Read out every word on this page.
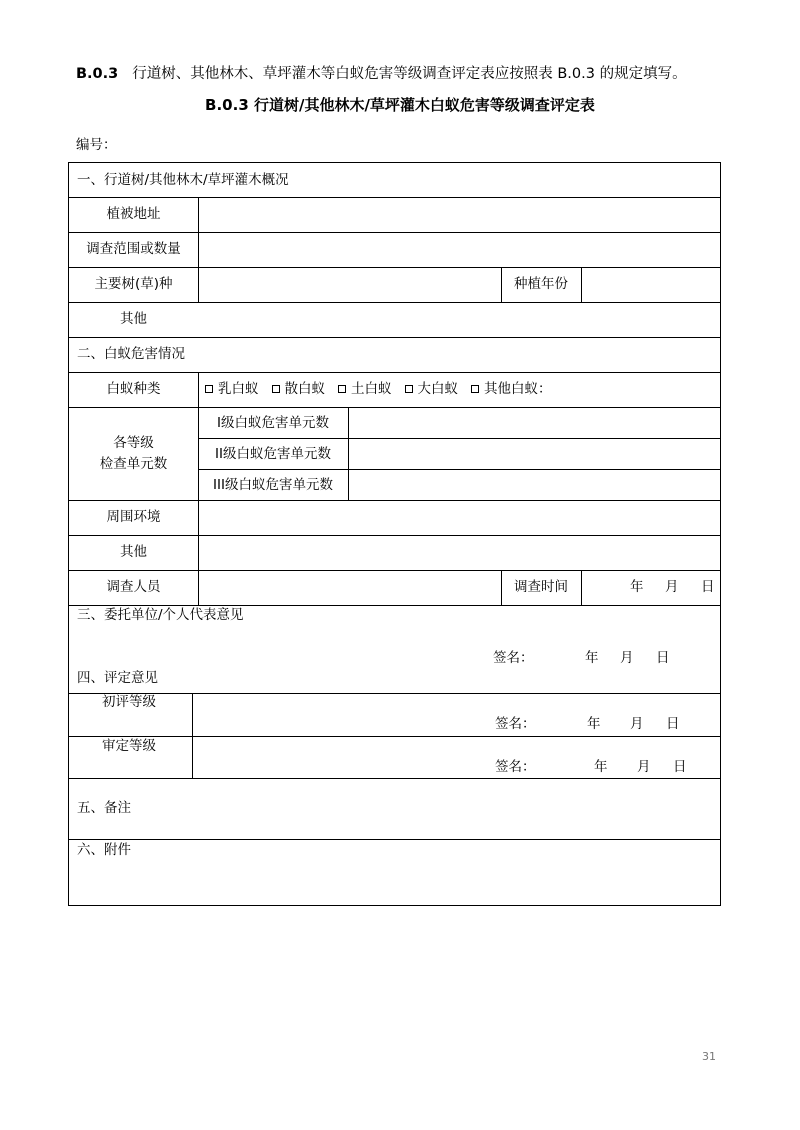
B.0.3 行道树、其他林木、草坪灌木等白蚁危害等级调查评定表应按照表 B.0.3 的规定填写。
B.0.3 行道树/其他林木/草坪灌木白蚁危害等级调查评定表
编号：
一、行道树/其他林木/草坪灌木概况
植被地址
调查范围或数量
主要树(草)种	种植年份
其他
二、白蚁危害情况
白蚁种类	乳白蚁 散白蚁 土白蚁 大白蚁 其他白蚁：
各等级
检查单元数
I级白蚁危害单元数
II级白蚁危害单元数
III级白蚁危害单元数
周围环境
其他
调查人员	调查时间	年 月 日
三、委托单位/个人代表意见
签名：	年 月 日
四、评定意见
初评等级
签名：	年 月 日
审定等级
签名：	年 月 日
五、备注
六、附件
31
